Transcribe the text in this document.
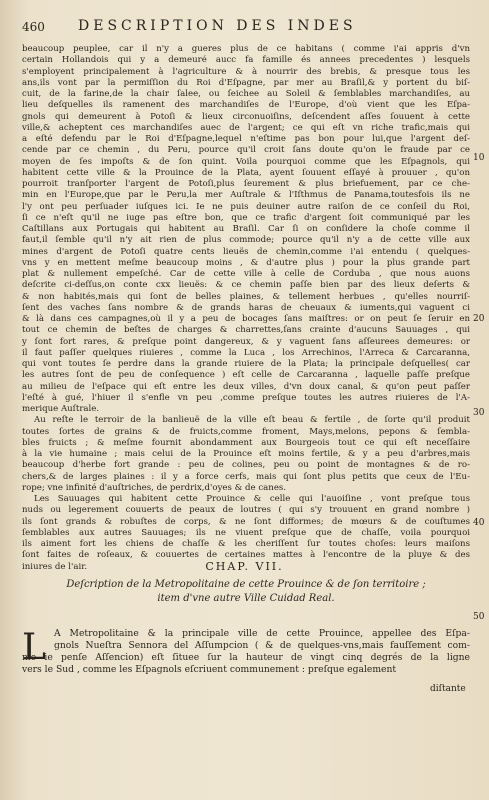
460 DESCRIPTION DES INDES
beaucoup peuplee, car il n'y a gueres plus de ce habitans ( comme i'ai appris d'vn
certain Hollandois qui y a demeuré aucc fa famille és annees precedentes ) lesquels
s'employent principalement à l'agriculture & à nourrir des brebis, & presque tous les
ans,ils vont par la permiſſion du Roi d'Eſpagne, par mer au Braſil,& y portent du biſ-
cuit, de la farine,de la chair ſalee, ou ſeichee au Soleil & ſemblables marchandiſes, au
lieu deſquelles ils ramenent des marchandiſes de l'Europe, d'où vient que les Eſpa-
gnols qui demeurent à Potoſi & lieux circonuoiſins, deſcendent aſſes ſouuent à cette
ville,& acheptent ces marchandiſes auec de l'argent; ce qui eſt vn riche trafic,mais qui
a eſté defendu par le Roi d'Eſpagne,lequel n'eſtime pas bon pour lui,que l'argent deſ-
cende par ce chemin , du Peru, pource qu'il croit ſans doute qu'on le fraude par ce
moyen de ſes impoſts & de ſon quint. Voila pourquoi comme que les Eſpagnols, qui
habitent cette ville & la Prouince de la Plata, ayent ſouuent eſſayé à prouuer , qu'on
pourroit tranſporter l'argent de Potoſi,plus ſeurement & plus briefuement, par ce che-
min en l'Europe,que par le Peru,la mer Auſtrale & l'Iſthmus de Panama,toutesfois ils ne
l'y ont peu perſuader iuſques ici. Ie ne puis deuiner autre raiſon de ce conſeil du Roi,
ſi ce n'eſt qu'il ne iuge pas eſtre bon, que ce trafic d'argent ſoit communiqué par les
Caſtillans aux Portugais qui habitent au Braſil. Car ſi on conſidere la choſe comme il
faut,il ſemble qu'il n'y ait rien de plus commode; pource qu'il n'y a de cette ville aux
mines d'argent de Potoſi quatre cents lieuës de chemin,comme i'ai entendu ( quelques-
vns y en mettent meſme beaucoup moins , & d'autre plus ) pour la plus grande part
plat & nullement empeſché. Car de cette ville à celle de Corduba , que nous auons
deſcrite ci-deſſus,on conte cxx lieuës: & ce chemin paſſe bien par des lieux deſerts &
& non habités,mais qui ſont de belles plaines, & tellement herbues , qu'elles nourriſ-
ſent des vaches ſans nombre & de grands haras de cheuaux & iuments,qui vaguent ci
& là dans ces campagnes,où il y a peu de bocages ſans maiſtres: or on peut ſe ſeruir en
tout ce chemin de beſtes de charges & charrettes,ſans crainte d'aucuns Sauuages , qui
y ſont fort rares, & preſque point dangereux, & y vaguent ſans aſſeurees demeures: or
il faut paſſer quelques riuieres , comme la Luca , los Arrechinos, l'Arreca & Carcaranna,
qui vont toutes ſe perdre dans la grande riuiere de la Plata; la principale deſquelles( car
les autres ſont de peu de conſequence ) eſt celle de Carcaranna , laquelle paſſe preſque
au milieu de l'eſpace qui eſt entre les deux villes, d'vn doux canal, & qu'on peut paſſer
l'eſté à gué, l'hiuer il s'enfle vn peu ,comme preſque toutes les autres riuieres de l'A-
merique Auſtrale.
Au reſte le terroir de la banlieuë de la ville eſt beau & fertile , de ſorte qu'il produit
toutes ſortes de grains & de fruicts,comme froment, Mays,melons, pepons & ſembla-
bles fruicts ; & meſme fournit abondamment aux Bourgeois tout ce qui eſt neceſſaire
à la vie humaine ; mais celui de la Prouince eſt moins fertile, & y a peu d'arbres,mais
beaucoup d'herbe fort grande : peu de colines, peu ou point de montagnes & de ro-
chers,& de larges plaines : il y a force cerfs, mais qui ſont plus petits que ceux de l'Eu-
rope; vne infinité d'auſtriches, de perdrix,d'oyes & de canes.
Les Sauuages qui habitent cette Prouince & celle qui l'auoiſine , vont preſque tous
nuds ou legerement couuerts de peaux de loutres ( qui s'y trouuent en grand nombre )
ils ſont grands & robuſtes de corps, & ne ſont difformes; de mœurs & de couſtumes
ſemblables aux autres Sauuages; ils ne viuent preſque que de chaſſe, voila pourquoi
ils aiment fort les chiens de chaſſe & les cheriſſent ſur toutes choſes: leurs maiſons
ſont faites de roſeaux, & couuertes de certaines mattes à l'encontre de la pluye & des
iniures de l'air.
10
20
30
40
50
CHAP. VII.
Deſcription de la Metropolitaine de cette Prouince & de ſon territoire ;
item d'vne autre Ville Cuidad Real.
L A Metropolitaine & la principale ville de cette Prouince, appellee des Eſpa-
gnols Nueſtra Sennora del Aſſumpcion ( & de quelques-vns,mais fauſſement com-
me ie penſe Aſſencion) eſt ſituee ſur la hauteur de vingt cinq degrés de la ligne
vers le Sud , comme les Eſpagnols eſcriuent communement : preſque egalement
diſtante
